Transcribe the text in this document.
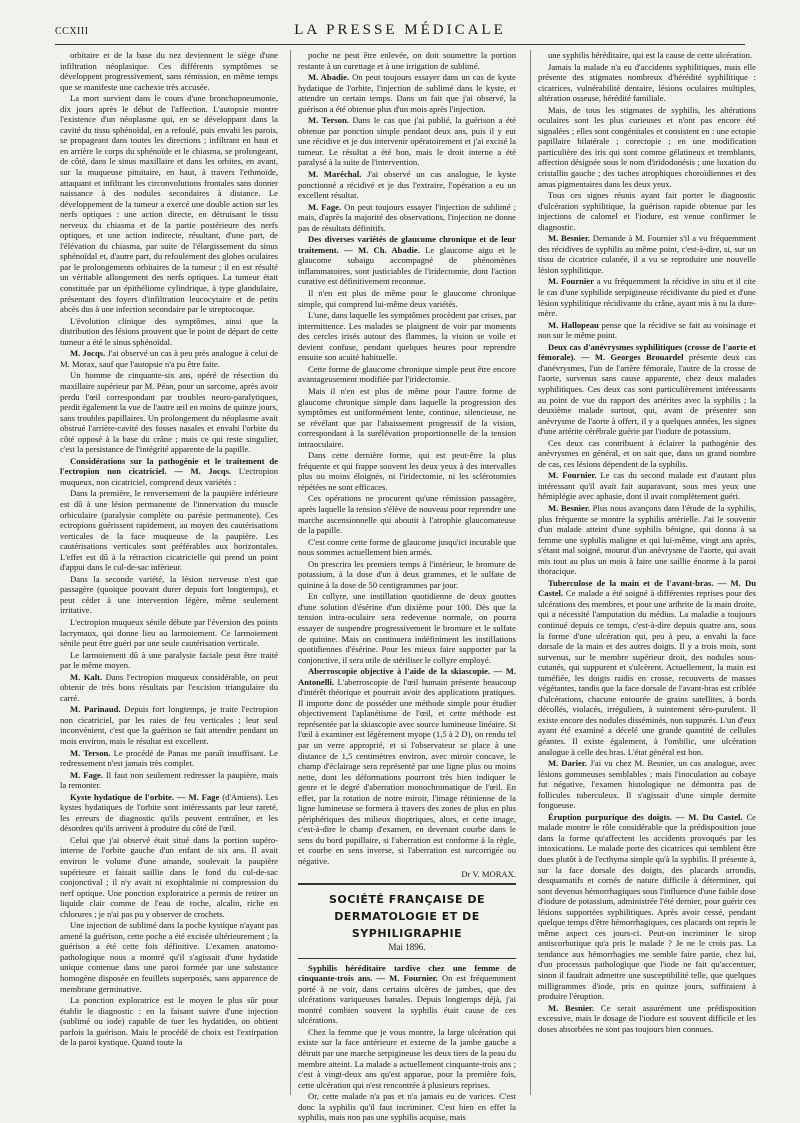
CCXIII	LA PRESSE MÉDICALE

orbitaire et de la base du nez deviennent le siège d'une infiltration néoplasique. Ces différents symptômes se développent progressivement, sans rémission, en même temps que se manifeste une cachexie très accusée.

La mort survient dans le cours d'une bronchopneumonie, dix jours après le début de l'affection. L'autopsie montre l'existence d'un néoplasme qui, en se développant dans la cavité du tissu sphénoïdal, en a refoulé, puis envahi les parois, se propageant dans toutes les directions ; infiltrant en haut et en arrière le corps du sphénoïde et le chiasma, se prolongeant, de côté, dans le sinus maxillaire et dans les orbites, en avant, sur la muqueuse pituitaire, en haut, à travers l'ethmoïde, attaquant et infiltrant les circonvolutions frontales sans donner naissance à des nodules secondaires à distance. Le développement de la tumeur a exercé une double action sur les nerfs optiques : une action directe, en détruisant le tissu nerveux du chiasma et de la partie postérieure des nerfs optiques, et une action indirecte, résultant, d'une part, de l'élévation du chiasma, par suite de l'élargissement du sinus sphénoïdal et, d'autre part, du refoulement des globes oculaires par le prolongements orbitaires de la tumeur ; il en est résulté un véritable allongement des nerfs optiques. La tumeur était constituée par un épithéliome cylindrique, à type glandulaire, présentant des foyers d'infiltration leucocytaire et de petits abcès dus à une infection secondaire par le streptocoque.

L'évolution clinique des symptômes, ainsi que la distribution des lésions prouvent que le point de départ de cette tumeur a été le sinus sphénoïdal.

M. Jocqs. J'ai observé un cas à peu près analogue à celui de M. Morax, sauf que l'autopsie n'a pu être faite.

Un homme de cinquante-six ans, opéré de résection du maxillaire supérieur par M. Péan, pour un sarcome, après avoir perdu l'œil correspondant par troubles neuro-paralytiques, perdit également la vue de l'autre œil en moins de quinze jours, sans troubles papillaires. Un prolongement du néoplasme avait obstrué l'arrière-cavité des fosses nasales et envahi l'orbite du côté opposé à la base du crâne ; mais ce qui reste singulier, c'est la persistance de l'intégrité apparente de la papille.

Considérations sur la pathogénie et le traitement de l'ectropion non cicatriciel. — M. Jocqs. L'ectropion muqueux, non cicatriciel, comprend deux variétés :

Dans la première, le renversement de la paupière inférieure est dû à une lésion permanente de l'innervation du muscle orbiculaire (paralysie complète ou parésie permanente). Ces ectropions guérissent rapidement, au moyen des cautérisations verticales de la face muqueuse de la paupière. Les cautérisations verticales sont préférables aux horizontales. L'effet est dû à la rétraction cicatricielle qui prend un point d'appui dans le cul-de-sac inférieur.

Dans la seconde variété, la lésion nerveuse n'est que passagère (quoique pouvant durer depuis fort longtemps), et peut céder à une intervention légère, même seulement irritative.

L'ectropion muqueux sénile débute par l'éversion des points lacrymaux, qui donne lieu au larmoiement. Ce larmoiement sénile peut être guéri par une seule cautérisation verticale.

Le larmoiement dû à une paralysie faciale peut être traité par le même moyen.

M. Kalt. Dans l'ectropion muqueux considérable, on peut obtenir de très bons résultats par l'excision triangulaire du carré.

M. Parinaud. Depuis fort longtemps, je traite l'ectropion non cicatriciel, par les raies de feu verticales ; leur seul inconvénient, c'est que la guérison se fait attendre pendant un mois environ, mais le résultat est excellent.

M. Terson. Le procédé de Panas me paraît insuffisant. Le redressement n'est jamais très complet.

M. Fage. Il faut non seulement redresser la paupière, mais la remonter.

Kyste hydatique de l'orbite. — M. Fage (d'Amiens). Les kystes hydatiques de l'orbite sont intéressants par leur rareté, les erreurs de diagnostic qu'ils peuvent entraîner, et les désordres qu'ils arrivent à produire du côté de l'œil.

Celui que j'ai observé était situé dans la portion supéro-interne de l'orbite gauche d'un enfant de six ans. Il avait environ le volume d'une amande, soulevait la paupière supérieure et faisait saillie dans le fond du cul-de-sac conjonctival ; il n'y avait ni exophtalmie ni compression du nerf optique. Une ponction exploratrice a permis de retirer un liquide clair comme de l'eau de roche, alcalin, riche en chlorures ; je n'ai pas pu y observer de crochets.

Une injection de sublimé dans la poche kystique n'ayant pas amené la guérison, cette poche a été excisée ultérieurement ; la guérison a été cette fois définitive. L'examen anatomo-pathologique nous a montré qu'il s'agissait d'une hydatide unique contenue dans une paroi formée par une substance homogène disposée en feuillets superposés, sans apparence de membrane germinative.

La ponction exploratrice est le moyen le plus sûr pour établir le diagnostic : en la faisant suivre d'une injection (sublimé ou iode) capable de tuer les hydatides, on obtient parfois la guérison. Mais le procédé de choix est l'extirpation de la paroi kystique. Quand toute la

poche ne peut être enlevée, on doit soumettre la portion restante à un curettage et à une irrigation de sublimé.

M. Abadie. On peut toujours essayer dans un cas de kyste hydatique de l'orbite, l'injection de sublimé dans le kyste, et attendre un certain temps. Dans un fait que j'ai observé, la guérison a été obtenue plus d'un mois après l'injection.

M. Terson. Dans le cas que j'ai publié, la guérison a été obtenue par ponction simple pendant deux ans, puis il y eut une récidive et je dus intervenir opératoirement et j'ai excisé la tumeur. Le résultat a été bon, mais le droit interne a été paralysé à la suite de l'intervention.

M. Maréchal. J'ai observé un cas analogue, le kyste ponctionné a récidivé et je dus l'extraire, l'opération a eu un excellent résultat.

M. Fage. On peut toujours essayer l'injection de sublimé ; mais, d'après la majorité des observations, l'injection ne donne pas de résultats définitifs.

Des diverses variétés de glaucome chronique et de leur traitement. — M. Ch. Abadie. Le glaucome aigu et le glaucome subaigu accompagné de phénomènes inflammatoires, sont justiciables de l'iridectomie, dont l'action curative est définitivement reconnue.

Il n'en est plus de même pour le glaucome chronique simple, qui comprend lui-même deux variétés.

L'une, dans laquelle les symptômes procèdent par crises, par intermittence. Les malades se plaignent de voir par moments des cercles irisés autour des flammes, la vision se voile et devient confuse, pendant quelques heures pour reprendre ensuite son acuité habituelle.

Cette forme de glaucome chronique simple peut être encore avantageusement modifiée par l'iridectomie.

Mais il n'en est plus de même pour l'autre forme de glaucome chronique simple dans laquelle la progression des symptômes est uniformément lente, continue, silencieuse, ne se révélant que par l'abaissement progressif de la vision, correspondant à la surélévation proportionnelle de la tension intraoculaire.

Dans cette dernière forme, qui est peut-être la plus fréquente et qui frappe souvent les deux yeux à des intervalles plus ou moins éloignés, ni l'iridectomie, ni les sclérotomies répétées ne sont efficaces.

Ces opérations ne procurent qu'une rémission passagère, après laquelle la tension s'élève de nouveau pour reprendre une marche ascensionnelle qui aboutit à l'atrophie glaucomateuse de la papille.

C'est contre cette forme de glaucome jusqu'ici incurable que nous sommes actuellement bien armés.

On prescrira les premiers temps à l'intérieur, le bromure de potassium, à la dose d'un à deux grammes, et le sulfate de quinine à la dose de 50 centigrammes par jour.

En collyre, une instillation quotidienne de deux gouttes d'une solution d'ésérine d'un dixième pour 100. Dès que la tension intra-oculaire sera redevenue normale, on pourra essayer de suspendre progressivement le bromure et le sulfate de quinine. Mais on continuera indéfiniment les instillations quotidiennes d'ésérine. Pour les mieux faire supporter par la conjonctive, il sera utile de stériliser le collyre employé.

Aberroscopie objective à l'aide de la skiascopie. — M. Antonelli. L'aberroscopie de l'œil humain présente beaucoup d'intérêt théorique et pourrait avoir des applications pratiques. Il importe donc de posséder une méthode simple pour étudier objectivement l'aplanétisme de l'œil, et cette méthode est représentée par la skiascopie avec source lumineuse linéaire. Si l'œil à examiner est légèrement myope (1,5 à 2 D), on rendu tel par un verre approprié, et si l'observateur se place à une distance de 1,5 centimètres environ, avec miroir concave, le champ d'éclairage sera représenté par une ligne plus ou moins nette, dont les déformations pourront très bien indiquer le genre et le degré d'aberration monochromatique de l'œil. En effet, par la rotation de notre miroir, l'image rétinienne de la ligne lumineuse se formera à travers des zones de plus en plus périphériques des milieux dioptriques, alors, et cette image, c'est-à-dire le champ d'examen, en devenant courbe dans le sens du bord pupillaire, si l'aberration est conforme à la règle, et courbe en sens inverse, si l'aberration est surcorrigée ou négative.

Dr V. MORAX.
SOCIÉTÉ FRANÇAISE DE DERMATOLOGIE ET DE SYPHILIGRAPHIE
Mai 1896.

Syphilis héréditaire tardive chez une femme de cinquante-trois ans. — M. Fournier. On est fréquemment porté à ne voir, dans certains ulcères de jambes, que des ulcérations variqueuses banales. Depuis longtemps déjà, j'ai montré combien souvent la syphilis était cause de ces ulcérations.

Chez la femme que je vous montre, la large ulcération qui existe sur la face antérieure et externe de la jambe gauche a détruit par une marche serpigineuse les deux tiers de la peau du membre atteint. La malade a actuellement cinquante-trois ans ; c'est à vingt-deux ans qu'est apparue, pour la première fois, cette ulcération qui n'est rencontrée à plusieurs reprises.

Or, cette malade n'a pas et n'a jamais eu de varices. C'est donc la syphilis qu'il faut incriminer. C'est bien en effet la syphilis, mais non pas une syphilis acquise, mais

une syphilis héréditaire, qui est la cause de cette ulcération.

Jamais la malade n'a eu d'accidents syphilitiques, mais elle présente des stigmates nombreux d'hérédité syphilitique : cicatrices, vulnérabilité dentaire, lésions oculaires multiples, altération osseuse, hérédité familiale.

Mais, de tous les stigmates de syphilis, les altérations oculaires sont les plus curieuses et n'ont pas encore été signalées ; elles sont congénitales et consistent en : une ectopie papillaire bilatérale ; corectopie ; en une modification particulière des iris qui sont comme gélatineux et tremblants, affection désignée sous le nom d'iridodonésis ; une luxation du cristallin gauche ; des taches atrophiques choroïdiennes et des amas pigmentaires dans les deux yeux.

Tous ces signes réunis ayant fait porter le diagnostic d'ulcération syphilitique, la guérison rapide obtenue par les injections de calomel et l'iodure, est venue confirmer le diagnostic.

M. Besnier. Demande à M. Fournier s'il a vu fréquemment des récidives de syphilis au même point, c'est-à-dire, si, sur un tissu de cicatrice culanée, il a vu se reproduire une nouvelle lésion syphilitique.

M. Fournier a vu fréquemment la récidive in situ et il cite le cas d'une syphilide serpigineuse récidivante du pied et d'une lésion syphilitique récidivante du crâne, ayant mis à nu la dure-mère.

M. Hallopeau pense que la récidive se fait au voisinage et non sur le même point.

Deux cas d'anévrysmes syphilitiques (crosse de l'aorte et fémorale). — M. Georges Brouardel présente deux cas d'anévrysmes, l'un de l'artère fémorale, l'autre de la crosse de l'aorte, survenus sans cause apparente, chez deux malades syphilitiques. Ces deux cas sont particulièrement intéressants au point de vue du rapport des artérites avec la syphilis ; la deuxième malade surtout, qui, avant de présenter son anévrysme de l'aorte à offert, il y a quelques années, les signes d'une artérite cérébrale guérie par l'iodure de potassium.

Ces deux cas contribuent à éclairer la pathogénie des anévrysmes en général, et on sait que, dans un grand nombre de cas, ces lésions dépendent de la syphilis.

M. Fournier. Le cas du second malade est d'autant plus intéressant qu'il avait fait auparavant, sous mes yeux une hémiplégie avec aphasie, dont il avait complètement guéri.

M. Besnier. Plus nous avançons dans l'étude de la syphilis, plus fréquente se montre la syphilis artérielle. J'ai le souvenir d'un malade atteint d'une syphilis bénigne, qui donna à sa femme une syphilis maligne et qui lui-même, vingt ans après, s'étant mal soigné, mourut d'un anévrysme de l'aorte, qui avait mis tout au plus un mois à faire une saillie énorme à la paroi thoracique.

Tuberculose de la main et de l'avant-bras. — M. Du Castel. Ce malade a été soigné à différentes reprises pour des ulcérations des membres, et pour une arthrite de la main droite, qui a nécessité l'amputation du médius. La maladie a toujours continué depuis ce temps, c'est-à-dire depuis quatre ans, sous la forme d'une ulcération qui, peu à peu, a envahi la face dorsale de la main et des autres doigts. Il y a trois mois, sont survenus, sur le membre supérieur droit, des nodules sous-cutanés, qui suppurent et s'ulcèrent. Actuellement, la main est tuméfiée, les doigts raidis en crosse, recouverts de masses végétantes, tandis que la face dorsale de l'avant-bras est criblée d'ulcérations, chacune entourée de grains satellites, à bords décollés, violacés, irréguliers, à suintement séro-purulent. Il existe encore des nodules disséminés, non suppurés. L'un d'eux ayant été examiné a décelé une grande quantité de cellules géantes. Il existe également, à l'ombilic, une ulcération analogue à celle des bras. L'état général est bon.

M. Darier. J'ai vu chez M. Besnier, un cas analogue, avec lésions gommeuses semblables ; mais l'inoculation au cobaye fut négative, l'examen histologique ne démontra pas de follicules tuberculeux. Il s'agissait d'une simple dermite fongueuse.

Éruption purpurique des doigts. — M. Du Castel. Ce malade montre le rôle considérable que la prédisposition joue dans la forme qu'affectent les accidents provoqués par les intoxications. Le malade porte des cicatrices qui semblent être dues plutôt à de l'ecthyma simple qu'à la syphilis. Il présente à, sur la face dorsale des doigts, des placards arrondis, desquamatifs et cornés de nature difficile à déterminer, qui sont devenus hémorrhagiques sous l'influence d'une faible dose d'iodure de potassium, administrée l'été dernier, pour guérir ces lésions supportées syphilitiques. Après avoir cessé, pendant quelque temps d'être hémorrhagiques, ces placards ont repris le même aspect ces jours-ci. Peut-on incriminer le sirop antiscorbutique qu'a pris le malade ? Je ne le crois pas. La tendance aux hémorrhagies me semble faire partie, chez lui, d'un processus pathologique que l'iode ne fait qu'accentuer, sinon il faudrait admettre une susceptibilité telle, que quelques milligrammes d'iode, pris en quinze jours, suffiraient à produire l'éruption.

M. Besnier. Ce serait assurément une prédisposition excessive, mais le dosage de l'iodure est souvent difficile et les doses absorbées ne sont pas toujours bien connues.
